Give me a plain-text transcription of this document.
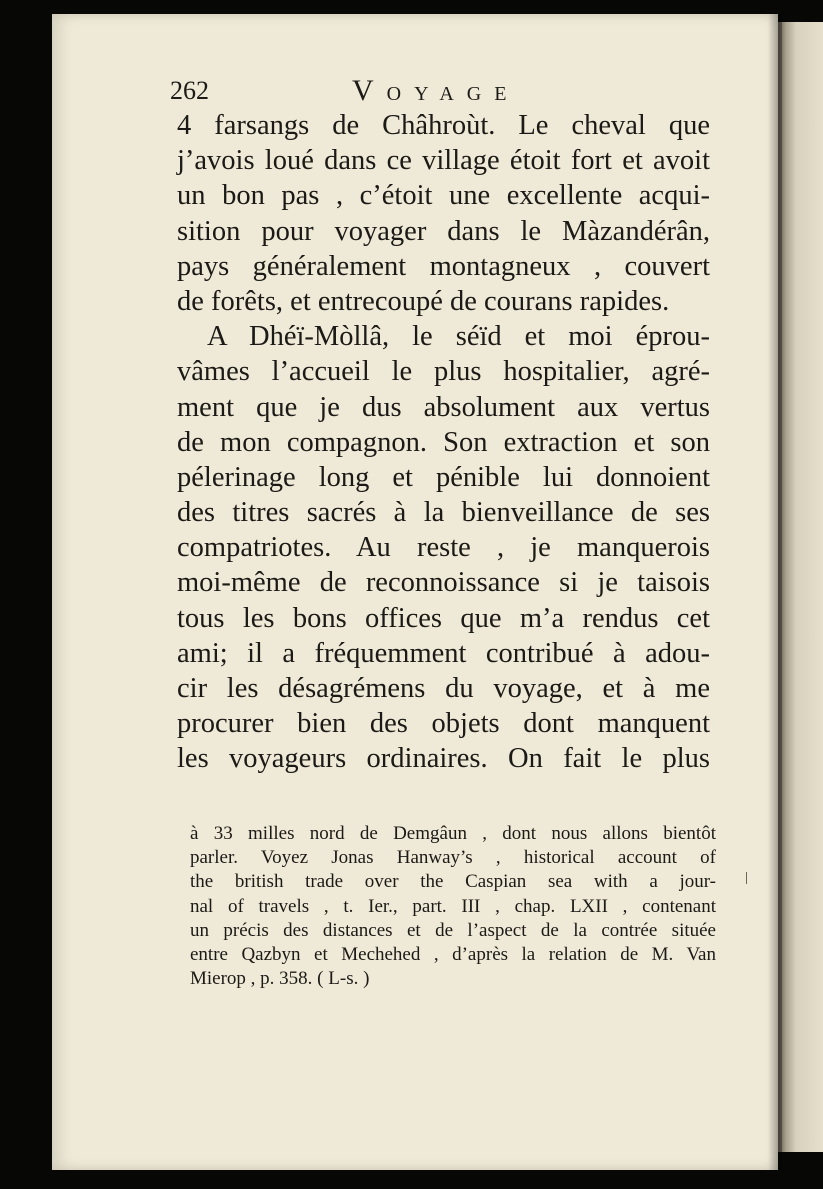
262	VOYAGE
4 farsangs de Châhroùt. Le cheval que
j’avois loué dans ce village étoit fort et avoit
un bon pas , c’étoit une excellente acqui-
sition pour voyager dans le Màzandérân,
pays généralement montagneux , couvert
de forêts, et entrecoupé de courans rapides.
A Dhéï-Mòllâ, le séïd et moi éprou-
vâmes l’accueil le plus hospitalier, agré-
ment que je dus absolument aux vertus
de mon compagnon. Son extraction et son
pélerinage long et pénible lui donnoient
des titres sacrés à la bienveillance de ses
compatriotes. Au reste , je manquerois
moi-même de reconnoissance si je taisois
tous les bons offices que m’a rendus cet
ami; il a fréquemment contribué à adou-
cir les désagrémens du voyage, et à me
procurer bien des objets dont manquent
les voyageurs ordinaires. On fait le plus
à 33 milles nord de Demgâun , dont nous allons bientôt
parler. Voyez Jonas Hanway’s , historical account of
the british trade over the Caspian sea with a jour-
nal of travels , t. Ier., part. III , chap. LXII , contenant
un précis des distances et de l’aspect de la contrée située
entre Qazbyn et Mechehed , d’après la relation de M. Van
Mierop , p. 358. ( L-s. )
